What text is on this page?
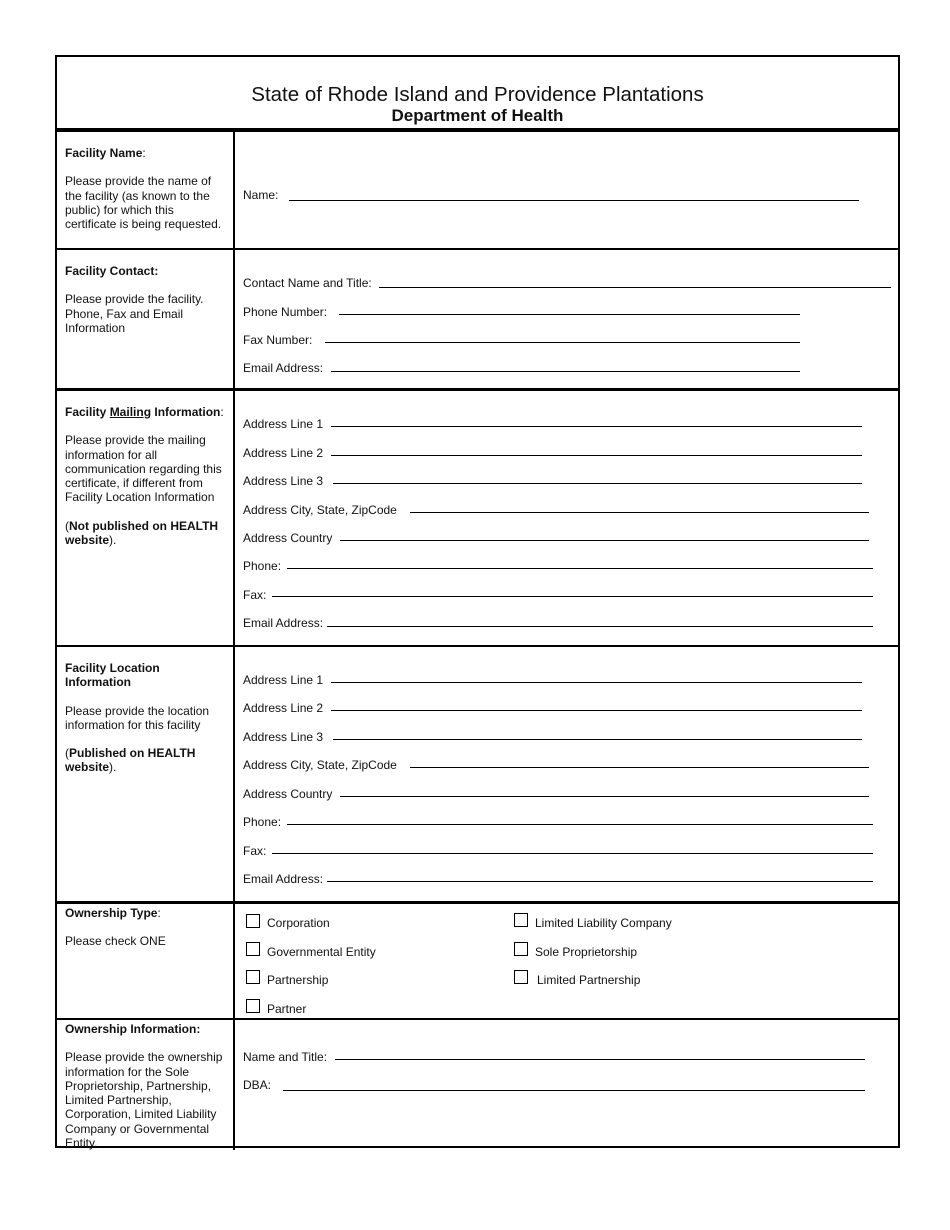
State of Rhode Island and Providence Plantations
Department of Health
Facility Name:

Please provide the name of the facility (as known to the public) for which this certificate is being requested.

Name:
Facility Contact:

Please provide the facility. Phone, Fax and Email Information

Contact Name and Title:
Phone Number:
Fax Number:
Email Address:
Facility Mailing Information:

Please provide the mailing information for all communication regarding this certificate, if different from Facility Location Information

(Not published on HEALTH website).

Address Line 1
Address Line 2
Address Line 3
Address City, State, ZipCode
Address Country
Phone:
Fax:
Email Address:
Facility Location Information

Please provide the location information for this facility

(Published on HEALTH website).

Address Line 1
Address Line 2
Address Line 3
Address City, State, ZipCode
Address Country
Phone:
Fax:
Email Address:
Ownership Type:

Please check ONE

Corporation
Governmental Entity
Partnership
Partner
Limited Liability Company
Sole Proprietorship
Limited Partnership
Ownership Information:

Please provide the ownership information for the Sole Proprietorship, Partnership, Limited Partnership, Corporation, Limited Liability Company or Governmental Entity.

Name and Title:
DBA:
